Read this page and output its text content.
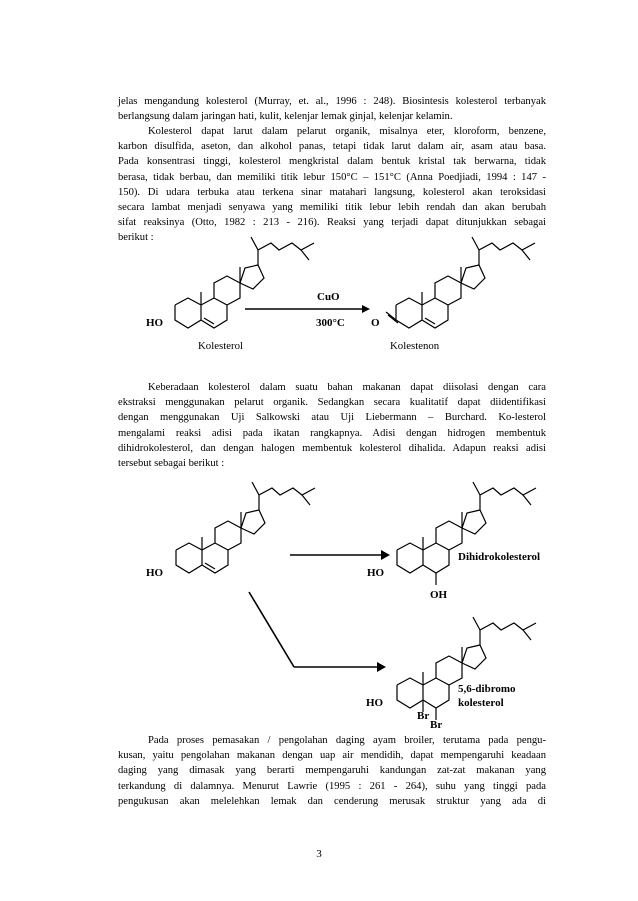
jelas mengandung kolesterol (Murray, et. al., 1996 : 248). Biosintesis kolesterol terbanyak
berlangsung dalam jaringan hati, kulit, kelenjar lemak ginjal, kelenjar kelamin.
Kolesterol dapat larut dalam pelarut organik, misalnya eter, kloroform, benzene,
karbon disulfida, aseton, dan alkohol panas, tetapi tidak larut dalam air, asam atau basa.
Pada konsentrasi tinggi, kolesterol mengkristal dalam bentuk kristal tak berwarna, tidak
berasa, tidak berbau, dan memiliki titik lebur 150°C – 151°C (Anna Poedjiadi, 1994 : 147 -
150). Di udara terbuka atau terkena sinar matahari langsung, kolesterol akan teroksidasi
secara lambat menjadi senyawa yang memiliki titik lebur lebih rendah dan akan berubah
sifat reaksinya (Otto, 1982 : 213 - 216). Reaksi yang terjadi dapat ditunjukkan sebagai
berikut :
CuO
300°C
HO	O
Kolesterol	Kolestenon
Keberadaan kolesterol dalam suatu bahan makanan dapat diisolasi dengan cara
ekstraksi menggunakan pelarut organik. Sedangkan secara kualitatif dapat diidentifikasi
dengan menggunakan Uji Salkowski atau Uji Liebermann – Burchard. Ko-lesterol
mengalami reaksi adisi pada ikatan rangkapnya. Adisi dengan hidrogen membentuk
dihidrokolesterol, dan dengan halogen membentuk kolesterol dihalida. Adapun reaksi adisi
tersebut sebagai berikut :
HO	HO
OH
Dihidrokolesterol
HO
Br
Br
5,6-dibromo
kolesterol
Pada proses pemasakan / pengolahan daging ayam broiler, terutama pada pengu-
kusan, yaitu pengolahan makanan dengan uap air mendidih, dapat mempengaruhi keadaan
daging yang dimasak yang berarti mempengaruhi kandungan zat-zat makanan yang
terkandung di dalamnya. Menurut Lawrie (1995 : 261 - 264), suhu yang tinggi pada
pengukusan akan melelehkan lemak dan cenderung merusak struktur yang ada di
3
